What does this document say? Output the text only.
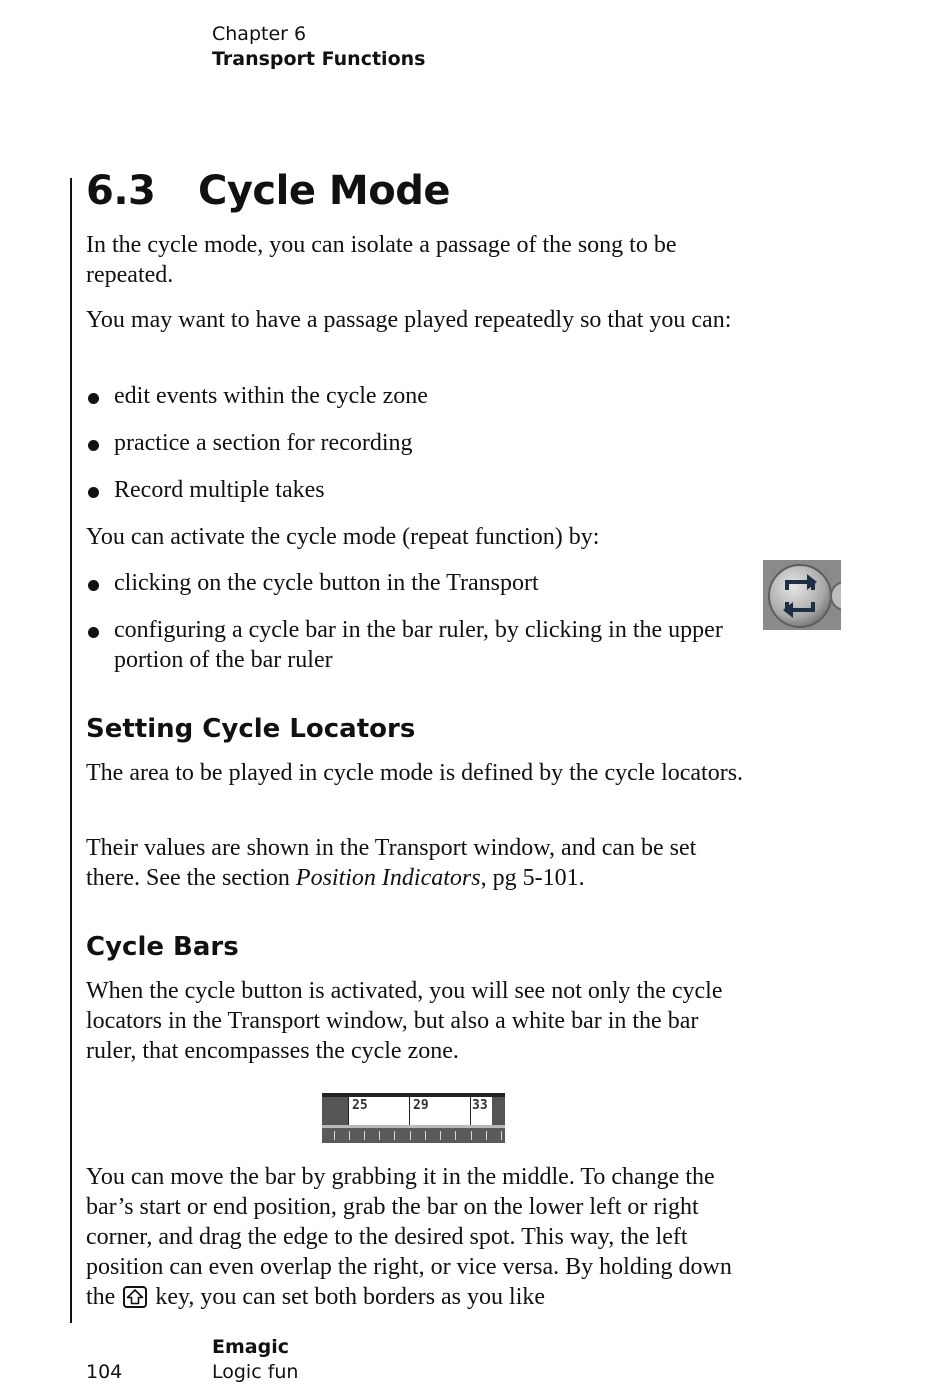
Chapter 6
Transport Functions
6.3 Cycle Mode

In the cycle mode, you can isolate a passage of the song to be repeated.

You may want to have a passage played repeatedly so that you can:

edit events within the cycle zone
practice a section for recording
Record multiple takes

You can activate the cycle mode (repeat function) by:

clicking on the cycle button in the Transport
configuring a cycle bar in the bar ruler, by clicking in the upper portion of the bar ruler
Setting Cycle Locators

The area to be played in cycle mode is defined by the cycle locators.

Their values are shown in the Transport window, and can be set there. See the section Position Indicators, pg 5-101.

Cycle Bars

When the cycle button is activated, you will see not only the cycle locators in the Transport window, but also a white bar in the bar ruler, that encompasses the cycle zone.

You can move the bar by grabbing it in the middle. To change the bar’s start or end position, grab the bar on the lower left or right corner, and drag the edge to the desired spot. This way, the left position can even overlap the right, or vice versa. By holding down the
key, you can set both borders as you like

25	29	33
Emagic
Logic fun
104
